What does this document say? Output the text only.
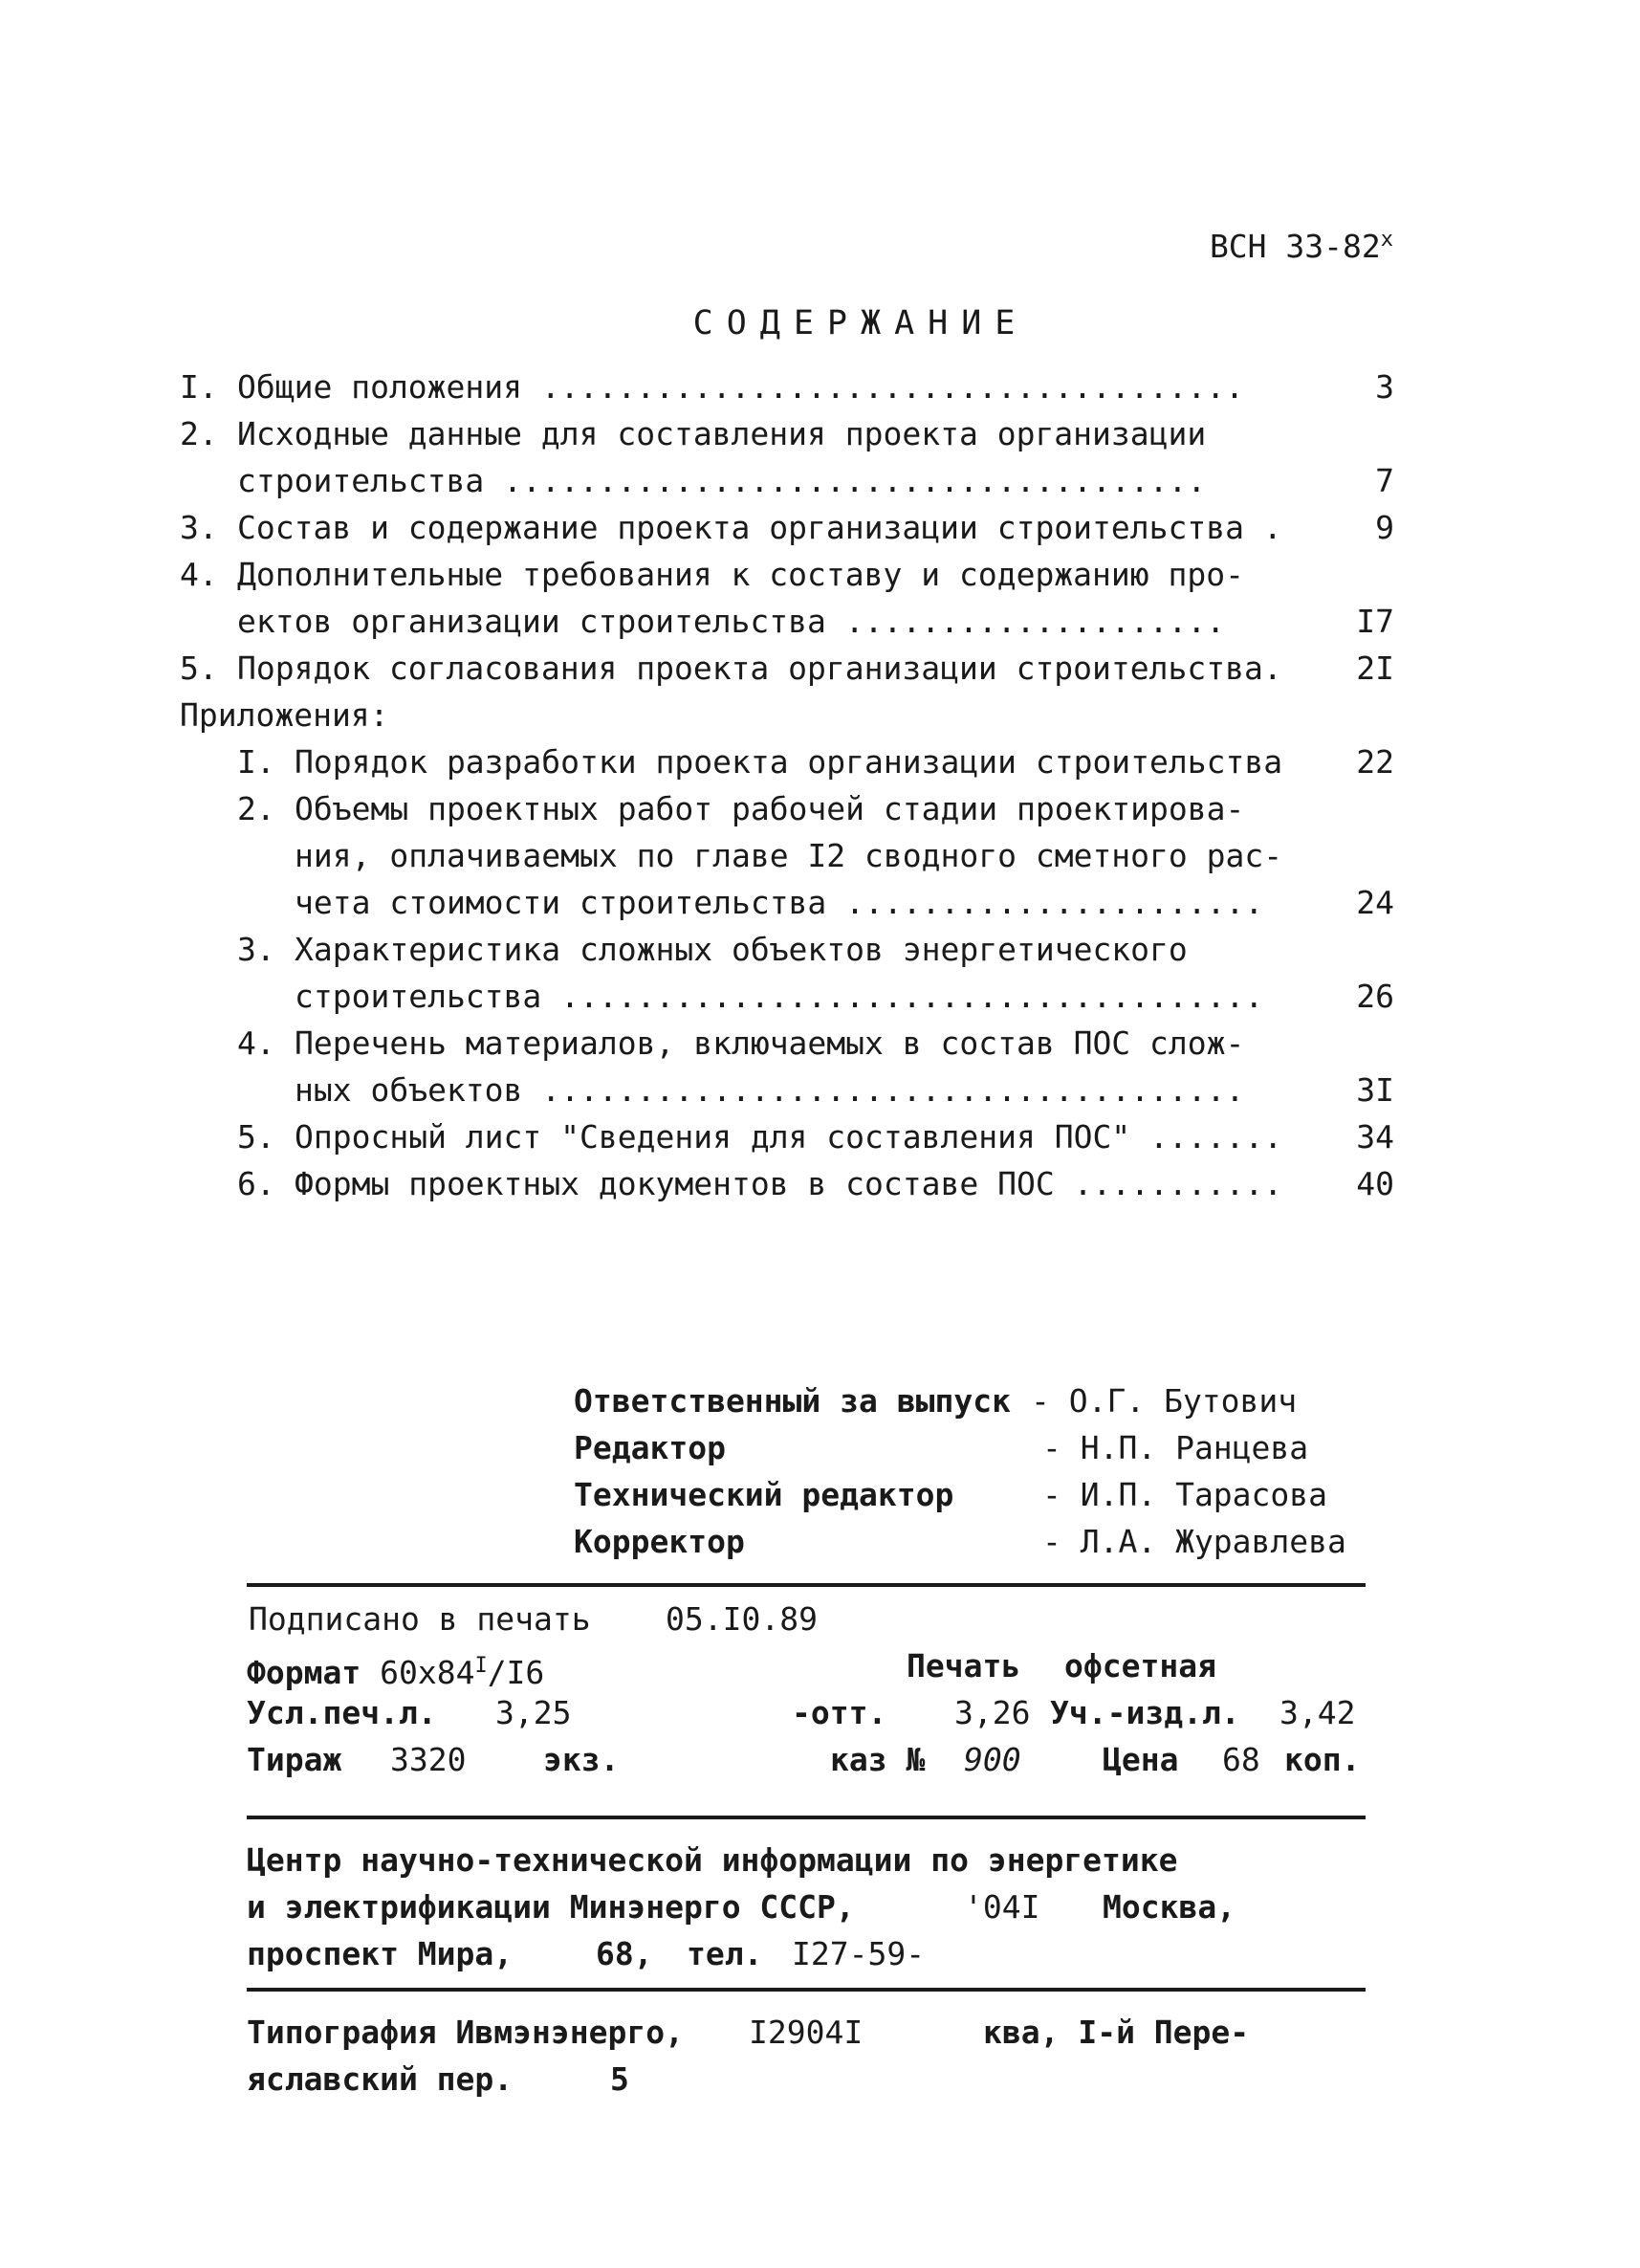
ВСН $33-82^х$
СОДЕРЖАНИЕ
I. Общие положения .....................................	3
2. Исходные данные для составления проекта организации
строительства .....................................	7
3. Состав и содержание проекта организации строительства .	9
4. Дополнительные требования к составу и содержанию про-
ектов организации строительства ....................	I7
5. Порядок согласования проекта организации строительства.	2I
Приложения:
I. Порядок разработки проекта организации строительства	22
2. Объемы проектных работ рабочей стадии проектирова-
ния, оплачиваемых по главе I2 сводного сметного рас-
чета стоимости строительства ......................	24
3. Характеристика сложных объектов энергетического
строительства .....................................	26
4. Перечень материалов, включаемых в состав ПОС слож-
ных объектов .....................................	3I
5. Опросный лист "Сведения для составления ПОС" .......	34
6. Формы проектных документов в составе ПОС ...........	40
Ответственный за выпуск - О.Г. Бутович
Редактор	- Н.П. Ранцева
Технический редактор	- И.П. Тарасова
Корректор	- Л.А. Журавлева
Подписано в печать 05.I0.89
Формат $60х84^I/I6$	Печать офсетная
Усл.печ.л. 3,25	-отт. 3,26 Уч.-изд.л. 3,42
Тираж 3320 экз.	каз № 900	Цена 68 коп.
Центр научно-технической информации по энергетике
и электрификации Минэнерго СССР,	'04I Москва,
проспект Мира,	68, тел. I27-59-
Типография Ивмэнэнерго, I2904I	ква, I-й Пере-
яславский пер.	5
